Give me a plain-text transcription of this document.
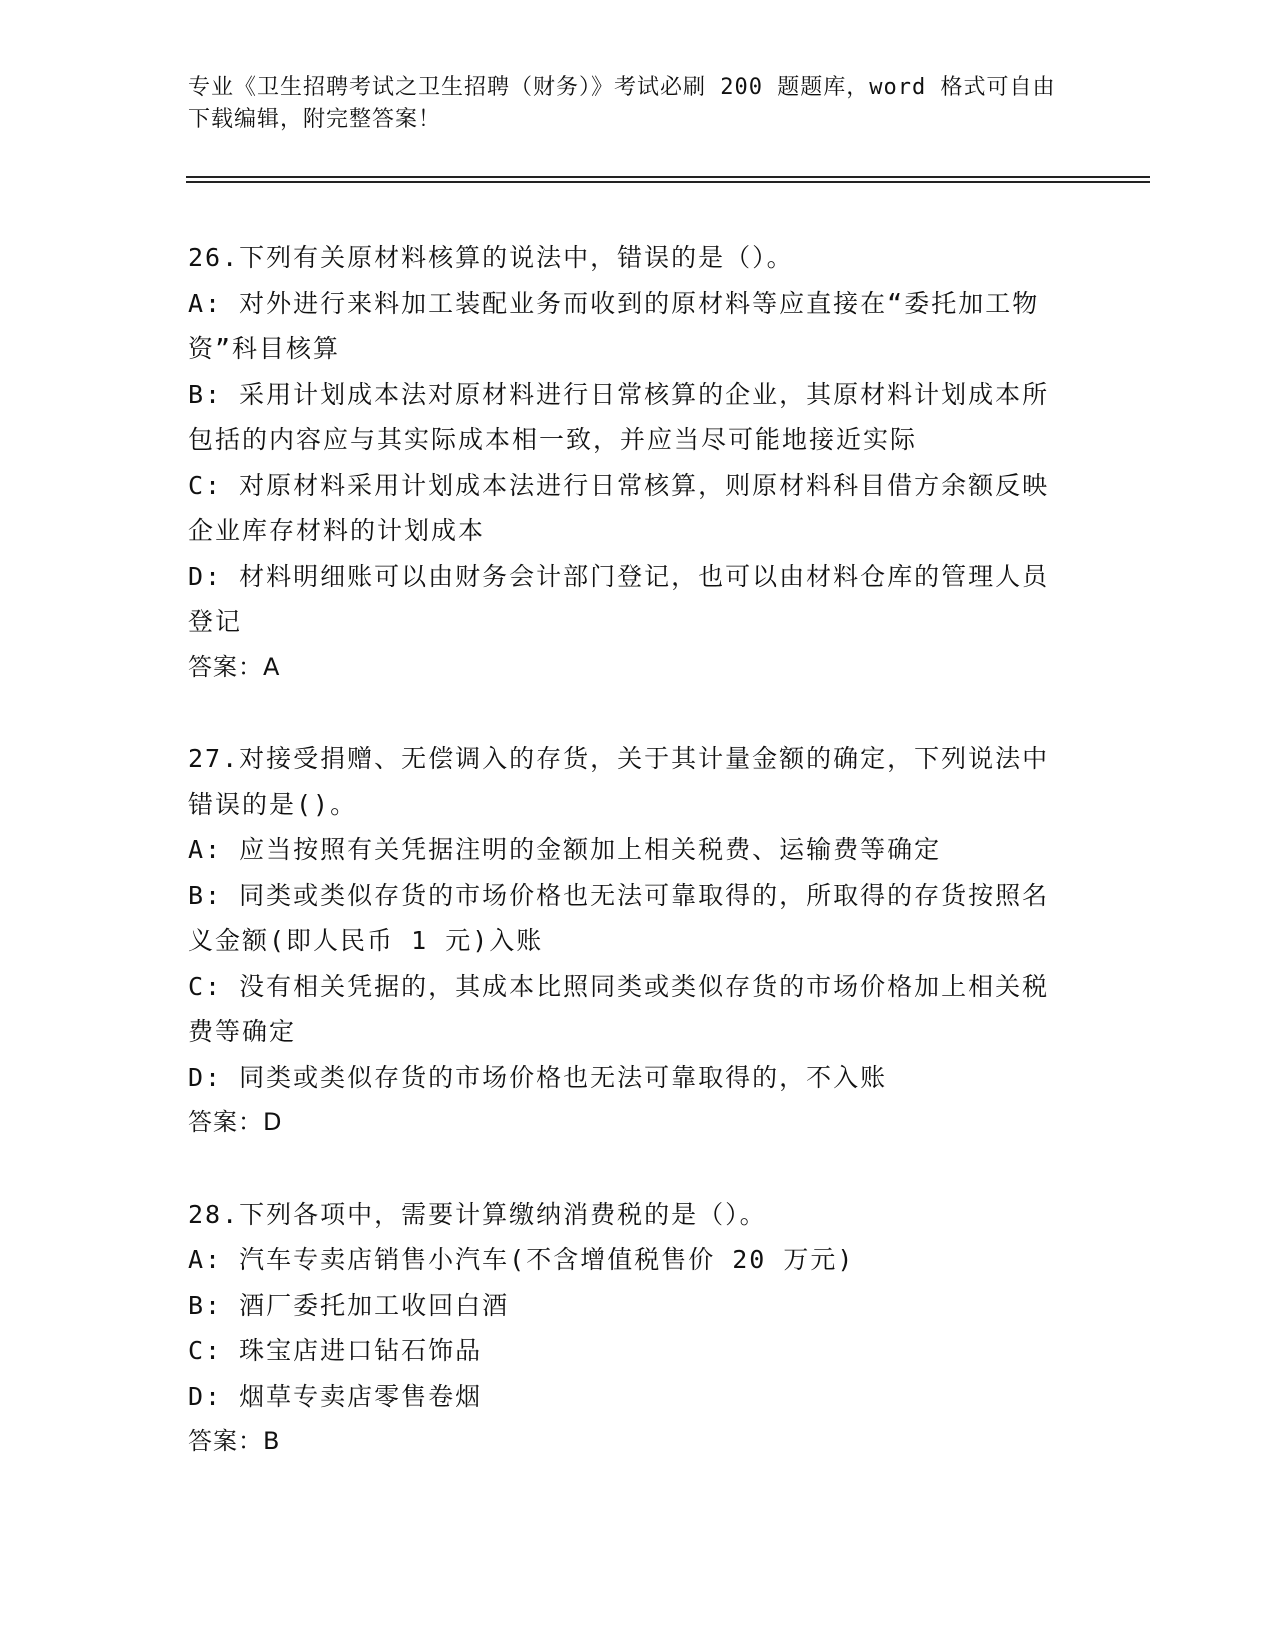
专业《卫生招聘考试之卫生招聘（财务）》考试必刷 200 题题库，word 格式可自由下载编辑，附完整答案！
26.下列有关原材料核算的说法中，错误的是（）。
A: 对外进行来料加工装配业务而收到的原材料等应直接在“委托加工物资”科目核算
B: 采用计划成本法对原材料进行日常核算的企业，其原材料计划成本所包括的内容应与其实际成本相一致，并应当尽可能地接近实际
C: 对原材料采用计划成本法进行日常核算，则原材料科目借方余额反映企业库存材料的计划成本
D: 材料明细账可以由财务会计部门登记，也可以由材料仓库的管理人员登记
答案：A
27.对接受捐赠、无偿调入的存货，关于其计量金额的确定，下列说法中错误的是()。
A: 应当按照有关凭据注明的金额加上相关税费、运输费等确定
B: 同类或类似存货的市场价格也无法可靠取得的，所取得的存货按照名义金额(即人民币 1 元)入账
C: 没有相关凭据的，其成本比照同类或类似存货的市场价格加上相关税费等确定
D: 同类或类似存货的市场价格也无法可靠取得的，不入账
答案：D
28.下列各项中，需要计算缴纳消费税的是（）。
A: 汽车专卖店销售小汽车(不含增值税售价 20 万元)
B: 酒厂委托加工收回白酒
C: 珠宝店进口钻石饰品
D: 烟草专卖店零售卷烟
答案：B
